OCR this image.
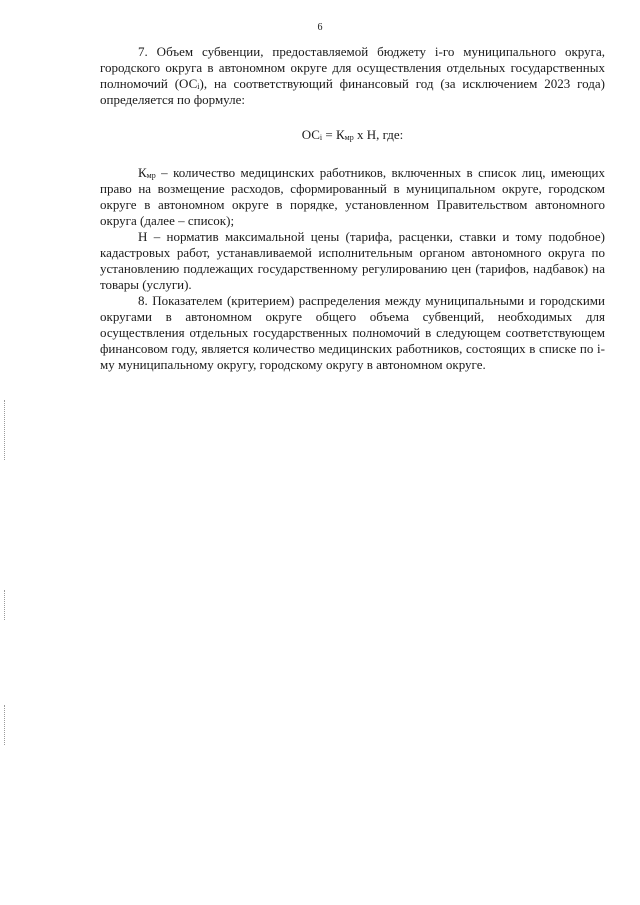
6

7. Объем субвенции, предоставляемой бюджету i-го муниципального округа, городского округа в автономном округе для осуществления отдельных государственных полномочий $(ОС_i)$, на соответствующий финансовый год (за исключением 2023 года) определяется по формуле:

$ОС_i = К_{мр}$ x Н, где:

$К_{мр}$ – количество медицинских работников, включенных в список лиц, имеющих право на возмещение расходов, сформированный в муниципальном округе, городском округе в автономном округе в порядке, установленном Правительством автономного округа (далее – список);

Н – норматив максимальной цены (тарифа, расценки, ставки и тому подобное) кадастровых работ, устанавливаемой исполнительным органом автономного округа по установлению подлежащих государственному регулированию цен (тарифов, надбавок) на товары (услуги).

8. Показателем (критерием) распределения между муниципальными и городскими округами в автономном округе общего объема субвенций, необходимых для осуществления отдельных государственных полномочий в следующем соответствующем финансовом году, является количество медицинских работников, состоящих в списке по i-му муниципальному округу, городскому округу в автономном округе.
